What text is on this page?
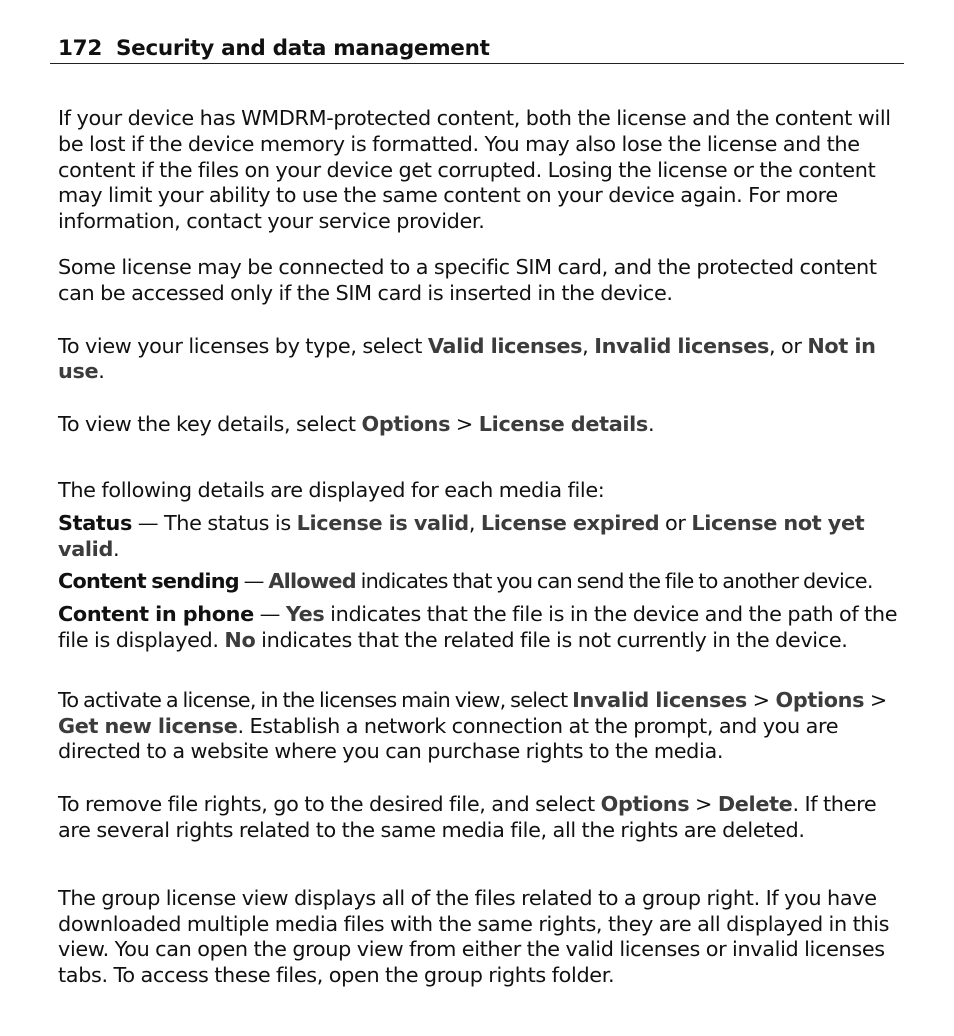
172 Security and data management

If your device has WMDRM-protected content, both the license and the content will be lost if the device memory is formatted. You may also lose the license and the content if the files on your device get corrupted. Losing the license or the content may limit your ability to use the same content on your device again. For more information, contact your service provider.

Some license may be connected to a specific SIM card, and the protected content can be accessed only if the SIM card is inserted in the device.

To view your licenses by type, select Valid licenses, Invalid licenses, or Not in use.

To view the key details, select Options > License details.

The following details are displayed for each media file:

Status — The status is License is valid, License expired or License not yet valid.

Content sending — Allowed indicates that you can send the file to another device.

Content in phone — Yes indicates that the file is in the device and the path of the file is displayed. No indicates that the related file is not currently in the device.

To activate a license, in the licenses main view, select Invalid licenses > Options > Get new license. Establish a network connection at the prompt, and you are directed to a website where you can purchase rights to the media.

To remove file rights, go to the desired file, and select Options > Delete. If there are several rights related to the same media file, all the rights are deleted.

The group license view displays all of the files related to a group right. If you have downloaded multiple media files with the same rights, they are all displayed in this view. You can open the group view from either the valid licenses or invalid licenses tabs. To access these files, open the group rights folder.
